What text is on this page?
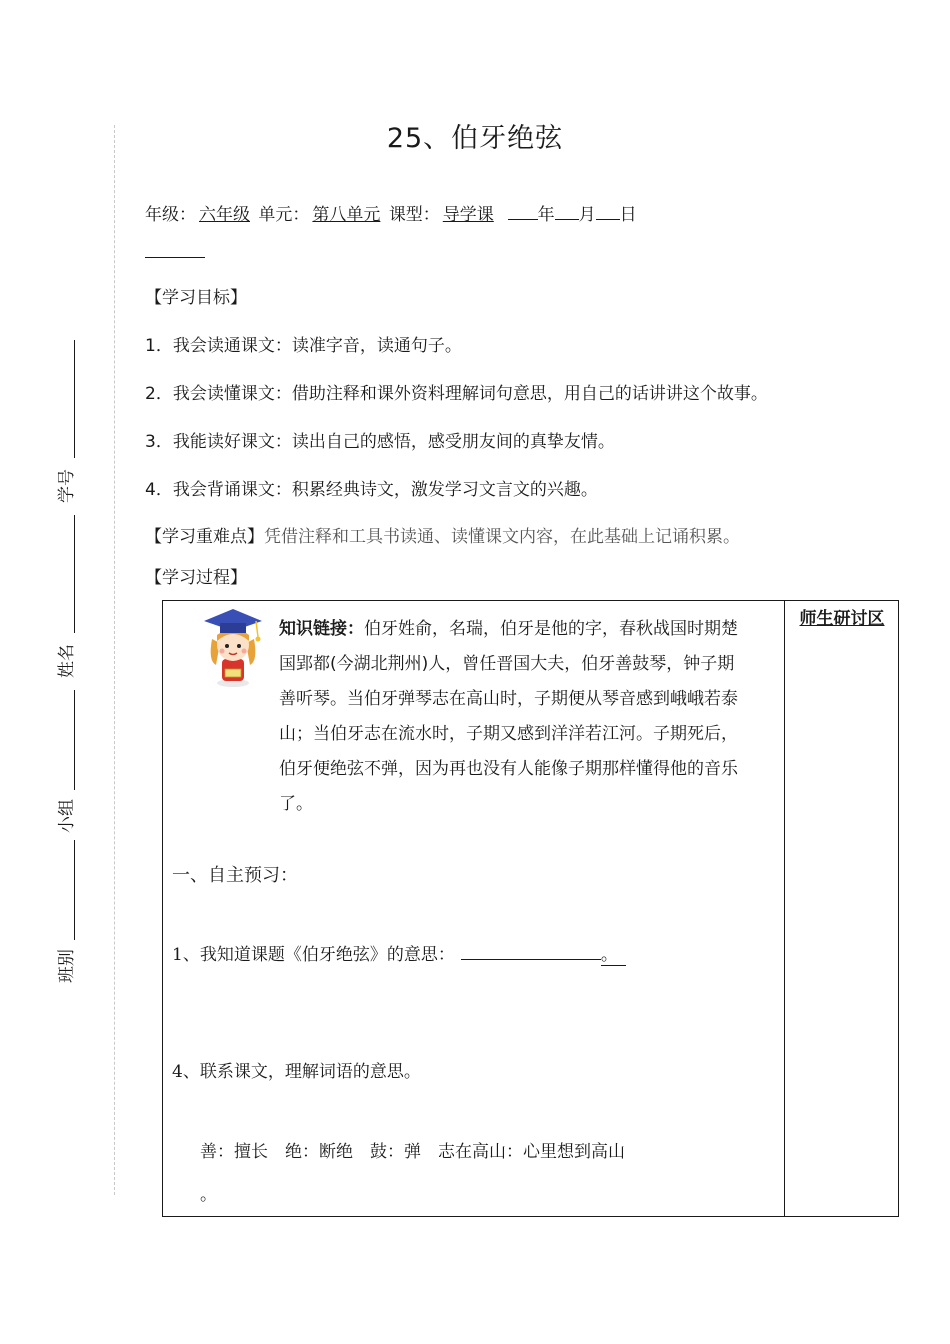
25、伯牙绝弦
年级： 六年级 单元： 第八单元 课型： 导学课	年 月 日
学号
姓名
小组
班别
【学习目标】
1．我会读通课文：读准字音，读通句子。
2．我会读懂课文：借助注释和课外资料理解词句意思，用自己的话讲讲这个故事。
3．我能读好课文：读出自己的感悟，感受朋友间的真挚友情。
4．我会背诵课文：积累经典诗文，激发学习文言文的兴趣。
【学习重难点】凭借注释和工具书读通、读懂课文内容，在此基础上记诵积累。
【学习过程】
师生研讨区
知识链接：伯牙姓俞，名瑞，伯牙是他的字，春秋战国时期楚国郢都(今湖北荆州)人，曾任晋国大夫，伯牙善鼓琴，钟子期善听琴。当伯牙弹琴志在高山时，子期便从琴音感到峨峨若泰山；当伯牙志在流水时，子期又感到洋洋若江河。子期死后，伯牙便绝弦不弹，因为再也没有人能像子期那样懂得他的音乐了。
一、自主预习：
1、我知道课题《伯牙绝弦》的意思：	。
4、联系课文，理解词语的意思。
善：擅长　绝：断绝　鼓：弹　志在高山：心里想到高山
。
